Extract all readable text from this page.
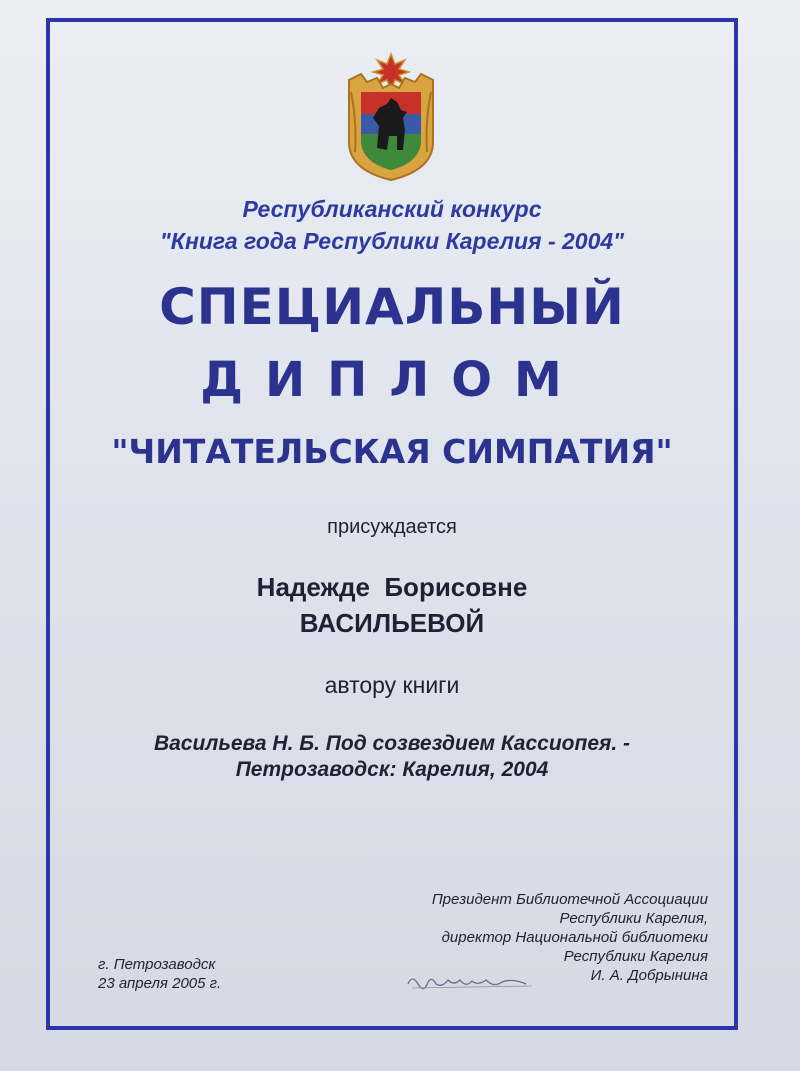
Республиканский конкурс
"Книга года Республики Карелия - 2004"
СПЕЦИАЛЬНЫЙ
ДИПЛОМ
"ЧИТАТЕЛЬСКАЯ СИМПАТИЯ"
присуждается
Надежде  Борисовне
ВАСИЛЬЕВОЙ
автору книги
Васильева Н. Б. Под созвездием Кассиопея. -
Петрозаводск: Карелия, 2004
Президент Библиотечной Ассоциации
Республики Карелия,
директор Национальной библиотеки
Республики Карелия
И. А. Добрынина
г. Петрозаводск
23 апреля 2005 г.
